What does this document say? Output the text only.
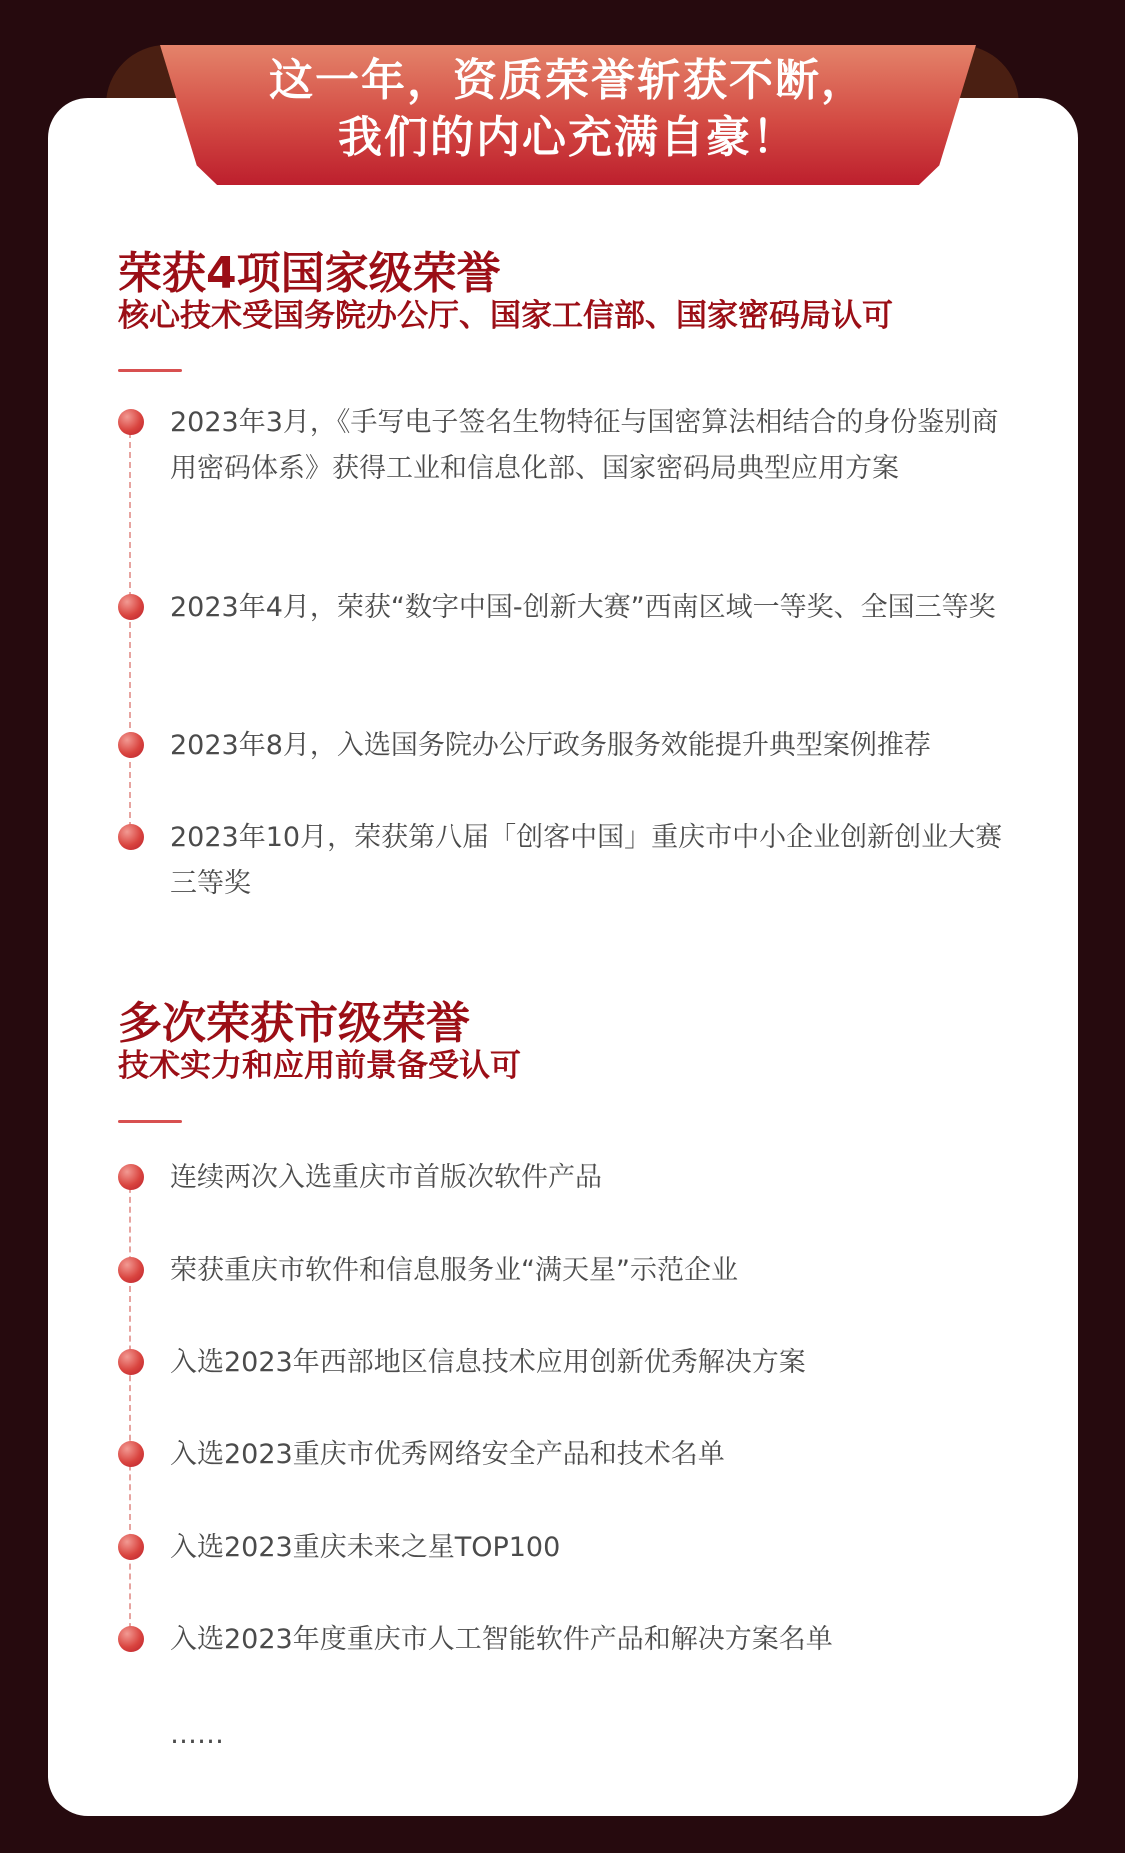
这一年，资质荣誉斩获不断，
我们的内心充满自豪！
荣获4项国家级荣誉
核心技术受国务院办公厅、国家工信部、国家密码局认可
2023年3月，《手写电子签名生物特征与国密算法相结合的身份鉴别商用密码体系》获得工业和信息化部、国家密码局典型应用方案
2023年4月，荣获“数字中国-创新大赛”西南区域一等奖、全国三等奖
2023年8月，入选国务院办公厅政务服务效能提升典型案例推荐
2023年10月，荣获第八届「创客中国」重庆市中小企业创新创业大赛三等奖
多次荣获市级荣誉
技术实力和应用前景备受认可
连续两次入选重庆市首版次软件产品
荣获重庆市软件和信息服务业“满天星”示范企业
入选2023年西部地区信息技术应用创新优秀解决方案
入选2023重庆市优秀网络安全产品和技术名单
入选2023重庆未来之星TOP100
入选2023年度重庆市人工智能软件产品和解决方案名单
……
